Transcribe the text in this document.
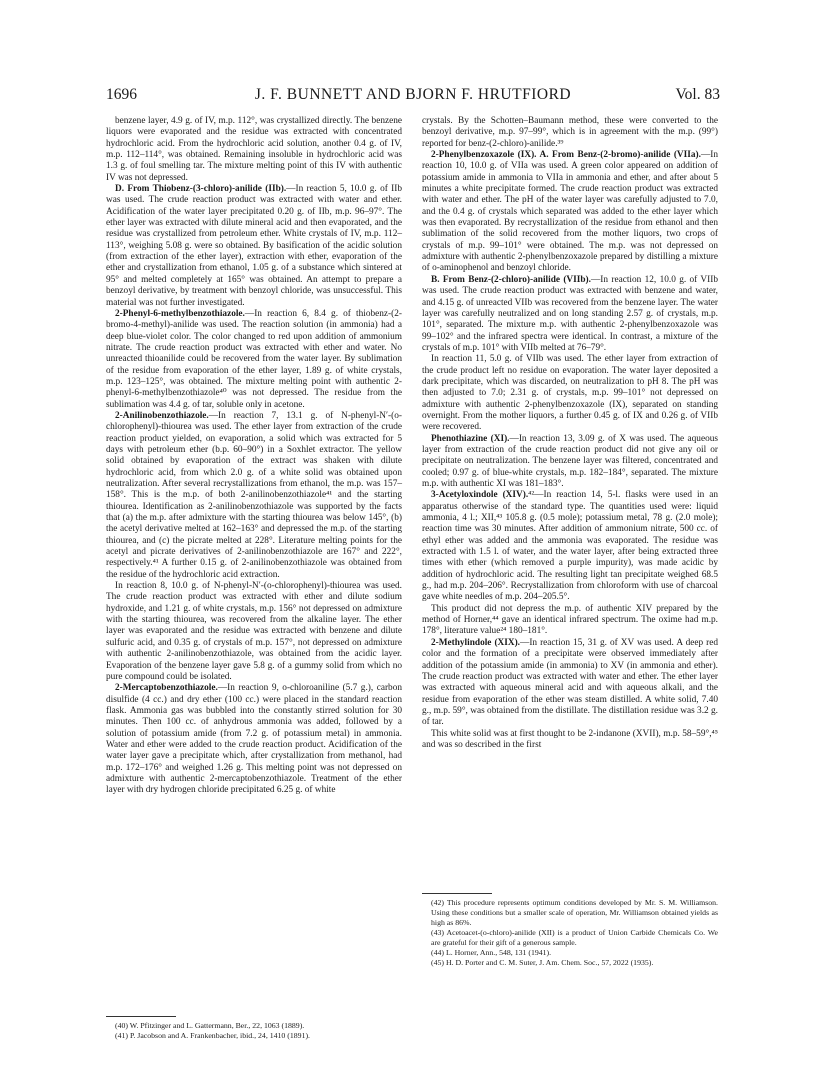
1696	J. F. BUNNETT AND BJORN F. HRUTFIORD	Vol. 83

benzene layer, 4.9 g. of IV, m.p. 112°, was crystallized directly. The benzene liquors were evaporated and the residue was extracted with concentrated hydrochloric acid. From the hydrochloric acid solution, another 0.4 g. of IV, m.p. 112–114°, was obtained. Remaining insoluble in hydrochloric acid was 1.3 g. of foul smelling tar. The mixture melting point of this IV with authentic IV was not depressed.

D. From Thiobenz-(3-chloro)-anilide (IIb).—In reaction 5, 10.0 g. of IIb was used. The crude reaction product was extracted with water and ether. Acidification of the water layer precipitated 0.20 g. of IIb, m.p. 96–97°. The ether layer was extracted with dilute mineral acid and then evaporated, and the residue was crystallized from petroleum ether. White crystals of IV, m.p. 112–113°, weighing 5.08 g. were so obtained. By basification of the acidic solution (from extraction of the ether layer), extraction with ether, evaporation of the ether and crystallization from ethanol, 1.05 g. of a substance which sintered at 95° and melted completely at 165° was obtained. An attempt to prepare a benzoyl derivative, by treatment with benzoyl chloride, was unsuccessful. This material was not further investigated.

2-Phenyl-6-methylbenzothiazole.—In reaction 6, 8.4 g. of thiobenz-(2-bromo-4-methyl)-anilide was used. The reaction solution (in ammonia) had a deep blue-violet color. The color changed to red upon addition of ammonium nitrate. The crude reaction product was extracted with ether and water. No unreacted thioanilide could be recovered from the water layer. By sublimation of the residue from evaporation of the ether layer, 1.89 g. of white crystals, m.p. 123–125°, was obtained. The mixture melting point with authentic 2-phenyl-6-methylbenzothiazole⁴⁰ was not depressed. The residue from the sublimation was 4.4 g. of tar, soluble only in acetone.

2-Anilinobenzothiazole.—In reaction 7, 13.1 g. of N-phenyl-N′-(o-chlorophenyl)-thiourea was used. The ether layer from extraction of the crude reaction product yielded, on evaporation, a solid which was extracted for 5 days with petroleum ether (b.p. 60–90°) in a Soxhlet extractor. The yellow solid obtained by evaporation of the extract was shaken with dilute hydrochloric acid, from which 2.0 g. of a white solid was obtained upon neutralization. After several recrystallizations from ethanol, the m.p. was 157–158°. This is the m.p. of both 2-anilinobenzothiazole⁴¹ and the starting thiourea. Identification as 2-anilinobenzothiazole was supported by the facts that (a) the m.p. after admixture with the starting thiourea was below 145°, (b) the acetyl derivative melted at 162–163° and depressed the m.p. of the starting thiourea, and (c) the picrate melted at 228°. Literature melting points for the acetyl and picrate derivatives of 2-anilinobenzothiazole are 167° and 222°, respectively.⁴¹ A further 0.15 g. of 2-anilinobenzothiazole was obtained from the residue of the hydrochloric acid extraction.

In reaction 8, 10.0 g. of N-phenyl-N′-(o-chlorophenyl)-thiourea was used. The crude reaction product was extracted with ether and dilute sodium hydroxide, and 1.21 g. of white crystals, m.p. 156° not depressed on admixture with the starting thiourea, was recovered from the alkaline layer. The ether layer was evaporated and the residue was extracted with benzene and dilute sulfuric acid, and 0.35 g. of crystals of m.p. 157°, not depressed on admixture with authentic 2-anilinobenzothiazole, was obtained from the acidic layer. Evaporation of the benzene layer gave 5.8 g. of a gummy solid from which no pure compound could be isolated.

2-Mercaptobenzothiazole.—In reaction 9, o-chloroaniline (5.7 g.), carbon disulfide (4 cc.) and dry ether (100 cc.) were placed in the standard reaction flask. Ammonia gas was bubbled into the constantly stirred solution for 30 minutes. Then 100 cc. of anhydrous ammonia was added, followed by a solution of potassium amide (from 7.2 g. of potassium metal) in ammonia. Water and ether were added to the crude reaction product. Acidification of the water layer gave a precipitate which, after crystallization from methanol, had m.p. 172–176° and weighed 1.26 g. This melting point was not depressed on admixture with authentic 2-mercaptobenzothiazole. Treatment of the ether layer with dry hydrogen chloride precipitated 6.25 g. of white

crystals. By the Schotten–Baumann method, these were converted to the benzoyl derivative, m.p. 97–99°, which is in agreement with the m.p. (99°) reported for benz-(2-chloro)-anilide.³⁹

2-Phenylbenzoxazole (IX). A. From Benz-(2-bromo)-anilide (VIIa).—In reaction 10, 10.0 g. of VIIa was used. A green color appeared on addition of potassium amide in ammonia to VIIa in ammonia and ether, and after about 5 minutes a white precipitate formed. The crude reaction product was extracted with water and ether. The pH of the water layer was carefully adjusted to 7.0, and the 0.4 g. of crystals which separated was added to the ether layer which was then evaporated. By recrystallization of the residue from ethanol and then sublimation of the solid recovered from the mother liquors, two crops of crystals of m.p. 99–101° were obtained. The m.p. was not depressed on admixture with authentic 2-phenylbenzoxazole prepared by distilling a mixture of o-aminophenol and benzoyl chloride.

B. From Benz-(2-chloro)-anilide (VIIb).—In reaction 12, 10.0 g. of VIIb was used. The crude reaction product was extracted with benzene and water, and 4.15 g. of unreacted VIIb was recovered from the benzene layer. The water layer was carefully neutralized and on long standing 2.57 g. of crystals, m.p. 101°, separated. The mixture m.p. with authentic 2-phenylbenzoxazole was 99–102° and the infrared spectra were identical. In contrast, a mixture of the crystals of m.p. 101° with VIIb melted at 76–79°.

In reaction 11, 5.0 g. of VIIb was used. The ether layer from extraction of the crude product left no residue on evaporation. The water layer deposited a dark precipitate, which was discarded, on neutralization to pH 8. The pH was then adjusted to 7.0; 2.31 g. of crystals, m.p. 99–101° not depressed on admixture with authentic 2-phenylbenzoxazole (IX), separated on standing overnight. From the mother liquors, a further 0.45 g. of IX and 0.26 g. of VIIb were recovered.

Phenothiazine (XI).—In reaction 13, 3.09 g. of X was used. The aqueous layer from extraction of the crude reaction product did not give any oil or precipitate on neutralization. The benzene layer was filtered, concentrated and cooled; 0.97 g. of blue-white crystals, m.p. 182–184°, separated. The mixture m.p. with authentic XI was 181–183°.

3-Acetyloxindole (XIV).⁴²—In reaction 14, 5-l. flasks were used in an apparatus otherwise of the standard type. The quantities used were: liquid ammonia, 4 l.; XII,⁴³ 105.8 g. (0.5 mole); potassium metal, 78 g. (2.0 mole); reaction time was 30 minutes. After addition of ammonium nitrate, 500 cc. of ethyl ether was added and the ammonia was evaporated. The residue was extracted with 1.5 l. of water, and the water layer, after being extracted three times with ether (which removed a purple impurity), was made acidic by addition of hydrochloric acid. The resulting light tan precipitate weighed 68.5 g., had m.p. 204–206°. Recrystallization from chloroform with use of charcoal gave white needles of m.p. 204–205.5°.

This product did not depress the m.p. of authentic XIV prepared by the method of Horner,⁴⁴ gave an identical infrared spectrum. The oxime had m.p. 178°, literature value²⁴ 180–181°.

2-Methylindole (XIX).—In reaction 15, 31 g. of XV was used. A deep red color and the formation of a precipitate were observed immediately after addition of the potassium amide (in ammonia) to XV (in ammonia and ether). The crude reaction product was extracted with water and ether. The ether layer was extracted with aqueous mineral acid and with aqueous alkali, and the residue from evaporation of the ether was steam distilled. A white solid, 7.40 g., m.p. 59°, was obtained from the distillate. The distillation residue was 3.2 g. of tar.

This white solid was at first thought to be 2-indanone (XVII), m.p. 58–59°,⁴⁵ and was so described in the first

(42) This procedure represents optimum conditions developed by Mr. S. M. Williamson. Using these conditions but a smaller scale of operation, Mr. Williamson obtained yields as high as 86%.

(43) Acetoacet-(o-chloro)-anilide (XII) is a product of Union Carbide Chemicals Co. We are grateful for their gift of a generous sample.

(44) L. Horner, Ann., 548, 131 (1941).

(45) H. D. Porter and C. M. Suter, J. Am. Chem. Soc., 57, 2022 (1935).

(40) W. Pfitzinger and L. Gattermann, Ber., 22, 1063 (1889).

(41) P. Jacobson and A. Frankenbacher, ibid., 24, 1410 (1891).
